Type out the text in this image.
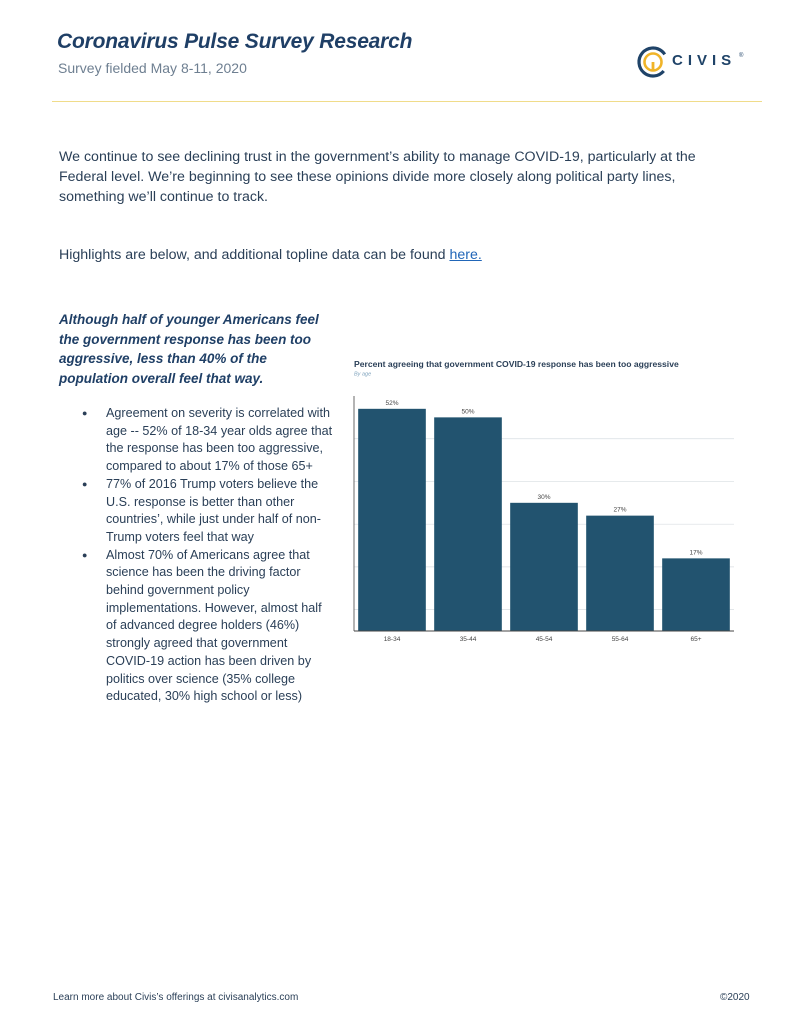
Coronavirus Pulse Survey Research
Survey fielded May 8-11, 2020	CIVIS ®
We continue to see declining trust in the government’s ability to manage COVID-19, particularly at the Federal level. We’re beginning to see these opinions divide more closely along political party lines, something we’ll continue to track.
Highlights are below, and additional topline data can be found here.
Although half of younger Americans feel the government response has been too aggressive, less than 40% of the population overall feel that way.
● Agreement on severity is correlated with age -- 52% of 18-34 year olds agree that the response has been too aggressive, compared to about 17% of those 65+
● 77% of 2016 Trump voters believe the U.S. response is better than other countries’, while just under half of non-Trump voters feel that way
● Almost 70% of Americans agree that science has been the driving factor behind government policy implementations. However, almost half of advanced degree holders (46%) strongly agreed that government COVID-19 action has been driven by politics over science (35% college educated, 30% high school or less)
Percent agreeing that government COVID-19 response has been too aggressive
By age
52%
50%
30%
27%
17%
18-34	35-44	45-54	55-64	65+
Learn more about Civis’s offerings at civisanalytics.com	©2020
